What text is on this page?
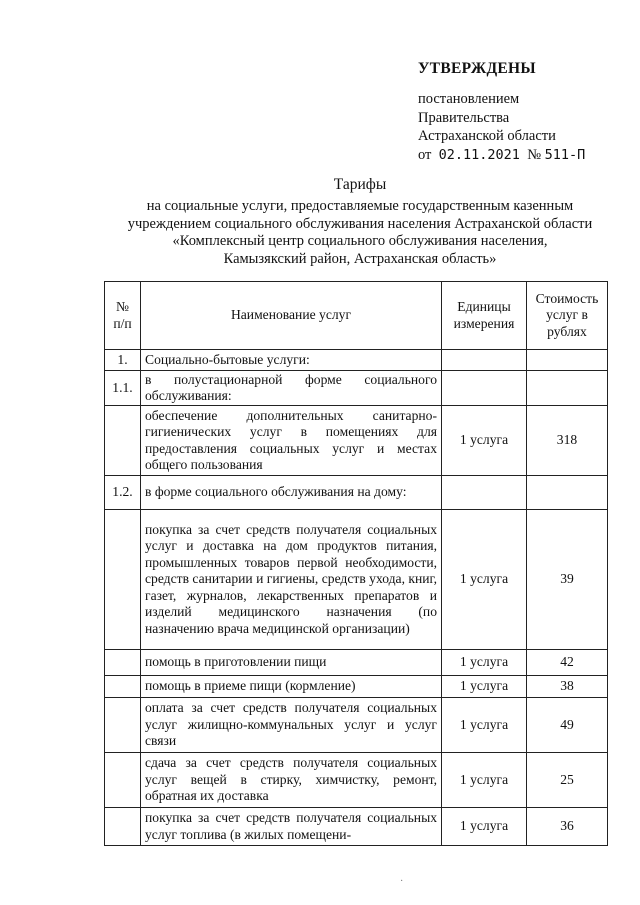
УТВЕРЖДЕНЫ
постановлением
Правительства
Астраханской области
от 02.11.2021 № 511-П
Тарифы
на социальные услуги, предоставляемые государственным казенным
учреждением социального обслуживания населения Астраханской области
«Комплексный центр социального обслуживания населения,
Камызякский район, Астраханская область»
№ п/п	Наименование услуг	Единицы измерения	Стоимость услуг в рублях
1.	Социально-бытовые услуги:		
1.1.	в полустационарной форме социального обслуживания:		
	обеспечение дополнительных санитарно-гигиенических услуг в помещениях для предоставления социальных услуг и местах общего пользования	1 услуга	318
1.2.	в форме социального обслуживания на дому:		
	покупка за счет средств получателя социальных услуг и доставка на дом продуктов питания, промышленных товаров первой необходимости, средств санитарии и гигиены, средств ухода, книг, газет, журналов, лекарственных препаратов и изделий медицинского назначения (по назначению врача медицинской организации)	1 услуга	39
	помощь в приготовлении пищи	1 услуга	42
	помощь в приеме пищи (кормление)	1 услуга	38
	оплата за счет средств получателя социальных услуг жилищно-коммунальных услуг и услуг связи	1 услуга	49
	сдача за счет средств получателя социальных услуг вещей в стирку, химчистку, ремонт, обратная их доставка	1 услуга	25
	покупка за счет средств получателя социальных услуг топлива (в жилых помещени-	1 услуга	36
·
